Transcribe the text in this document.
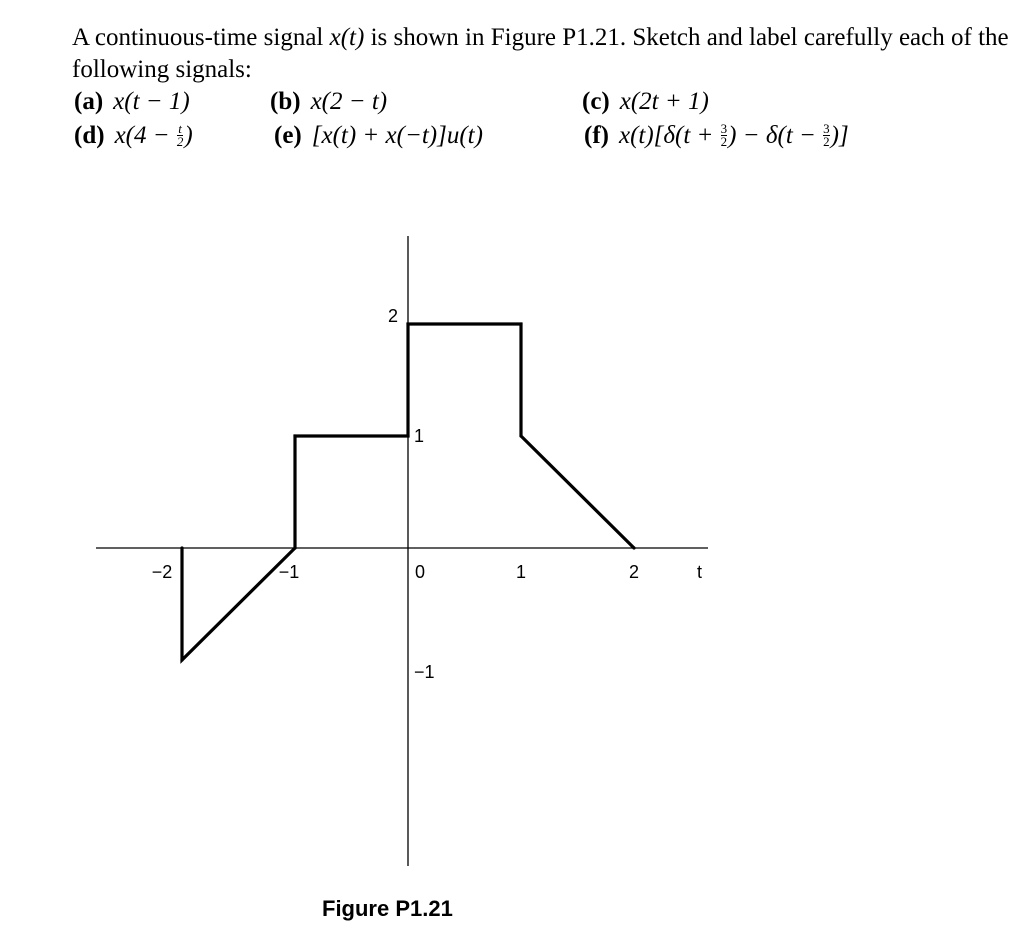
A continuous-time signal x(t) is shown in Figure P1.21. Sketch and label carefully each of the following signals:

(a) x(t − 1)	(b) x(2 − t)	(c) x(2t + 1)
(d) $x(4 - \frac{t}{2}$ )	(e) [x(t) + x(−t)]u(t)	(f) $x(t)[\delta(t + \frac{3}{2}$ ) − $\delta(t - \frac{3}{2}$ )]
−2	−1	0	1	2
2
1
−1
t
Figure P1.21
